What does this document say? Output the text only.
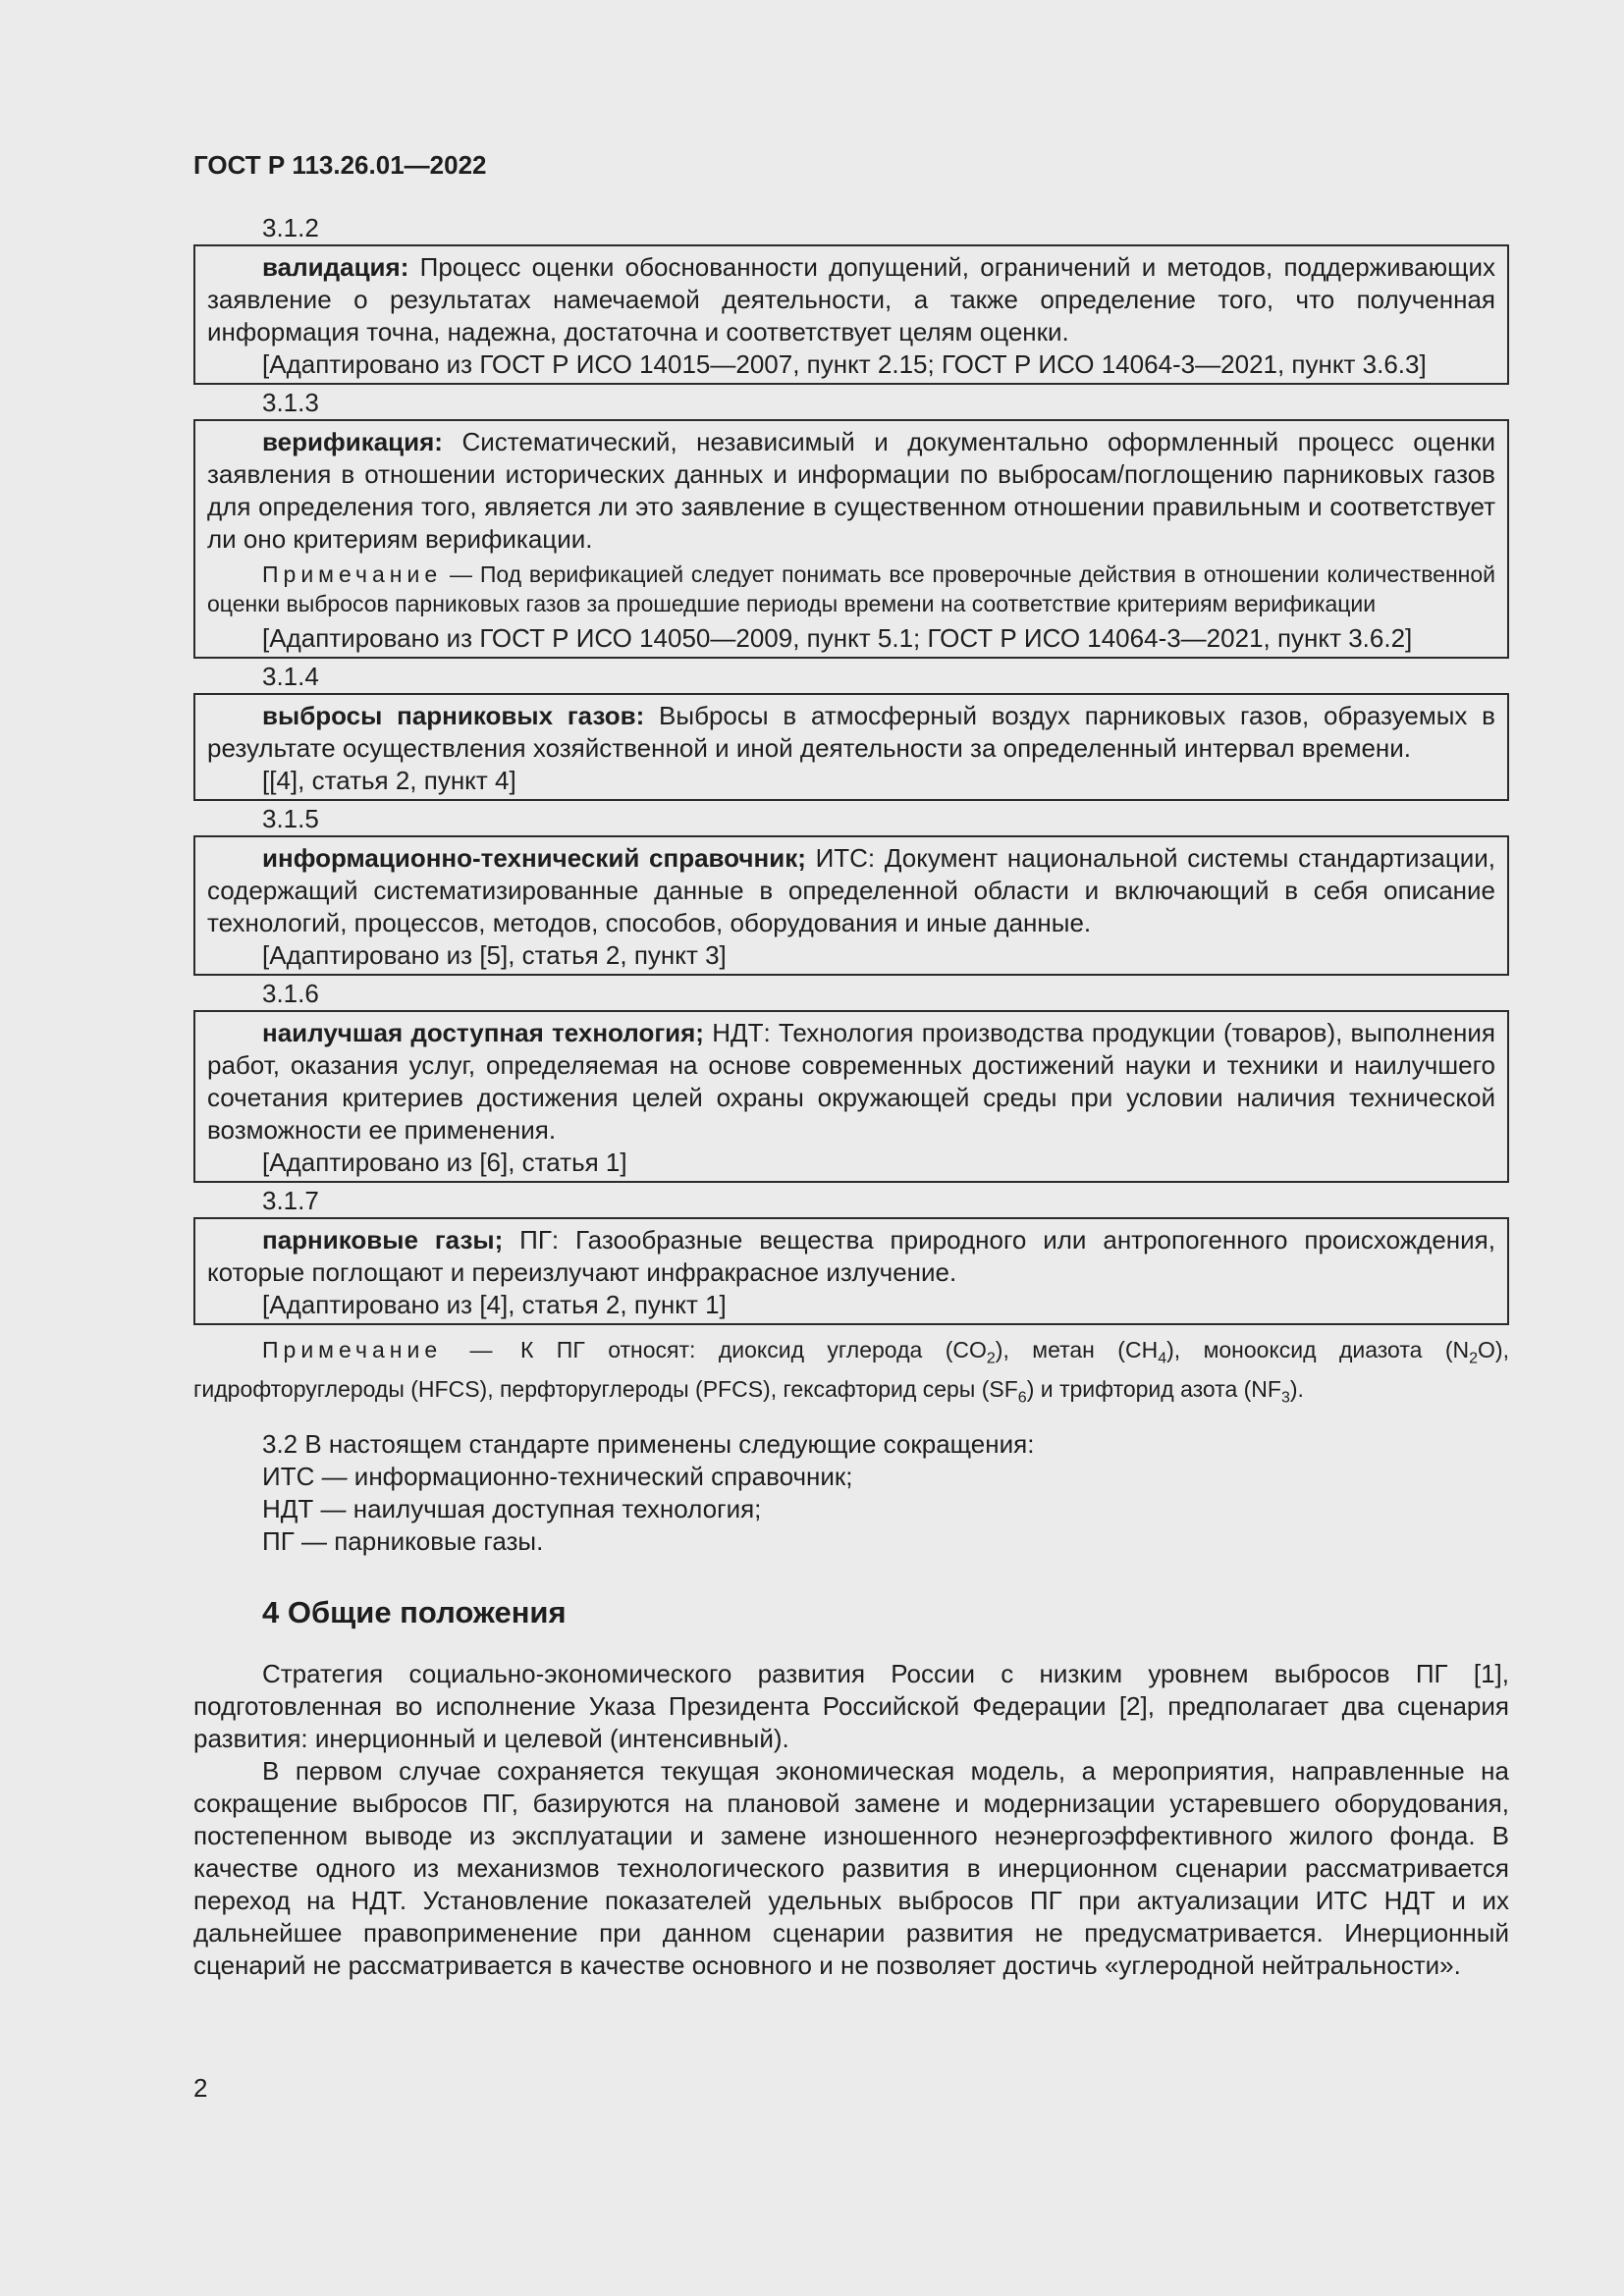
ГОСТ Р 113.26.01—2022
3.1.2

валидация: Процесс оценки обоснованности допущений, ограничений и методов, поддерживающих заявление о результатах намечаемой деятельности, а также определение того, что полученная информация точна, надежна, достаточна и соответствует целям оценки.

[Адаптировано из ГОСТ Р ИСО 14015—2007, пункт 2.15; ГОСТ Р ИСО 14064-3—2021, пункт 3.6.3]

3.1.3

верификация: Систематический, независимый и документально оформленный процесс оценки заявления в отношении исторических данных и информации по выбросам/поглощению парниковых газов для определения того, является ли это заявление в существенном отношении правильным и соответствует ли оно критериям верификации.

Примечание — Под верификацией следует понимать все проверочные действия в отношении количественной оценки выбросов парниковых газов за прошедшие периоды времени на соответствие критериям верификации

[Адаптировано из ГОСТ Р ИСО 14050—2009, пункт 5.1; ГОСТ Р ИСО 14064-3—2021, пункт 3.6.2]

3.1.4

выбросы парниковых газов: Выбросы в атмосферный воздух парниковых газов, образуемых в результате осуществления хозяйственной и иной деятельности за определенный интервал времени.

[[4], статья 2, пункт 4]

3.1.5

информационно-технический справочник; ИТС: Документ национальной системы стандартизации, содержащий систематизированные данные в определенной области и включающий в себя описание технологий, процессов, методов, способов, оборудования и иные данные.

[Адаптировано из [5], статья 2, пункт 3]

3.1.6

наилучшая доступная технология; НДТ: Технология производства продукции (товаров), выполнения работ, оказания услуг, определяемая на основе современных достижений науки и техники и наилучшего сочетания критериев достижения целей охраны окружающей среды при условии наличия технической возможности ее применения.

[Адаптировано из [6], статья 1]

3.1.7

парниковые газы; ПГ: Газообразные вещества природного или антропогенного происхождения, которые поглощают и переизлучают инфракрасное излучение.

[Адаптировано из [4], статья 2, пункт 1]

Примечание — К ПГ относят: диоксид углерода $(CO_2)$, метан $(CH_4)$, монооксид диазота $(N_2O)$, гидрофторуглероды (HFCS), перфторуглероды (PFCS), гексафторид серы $(SF_6)$ и трифторид азота $(NF_3)$.

3.2 В настоящем стандарте применены следующие сокращения:

ИТС — информационно-технический справочник;

НДТ — наилучшая доступная технология;

ПГ — парниковые газы.

4 Общие положения

Стратегия социально-экономического развития России с низким уровнем выбросов ПГ [1], подготовленная во исполнение Указа Президента Российской Федерации [2], предполагает два сценария развития: инерционный и целевой (интенсивный).

В первом случае сохраняется текущая экономическая модель, а мероприятия, направленные на сокращение выбросов ПГ, базируются на плановой замене и модернизации устаревшего оборудования, постепенном выводе из эксплуатации и замене изношенного неэнергоэффективного жилого фонда. В качестве одного из механизмов технологического развития в инерционном сценарии рассматривается переход на НДТ. Установление показателей удельных выбросов ПГ при актуализации ИТС НДТ и их дальнейшее правоприменение при данном сценарии развития не предусматривается. Инерционный сценарий не рассматривается в качестве основного и не позволяет достичь «углеродной нейтральности».

2
